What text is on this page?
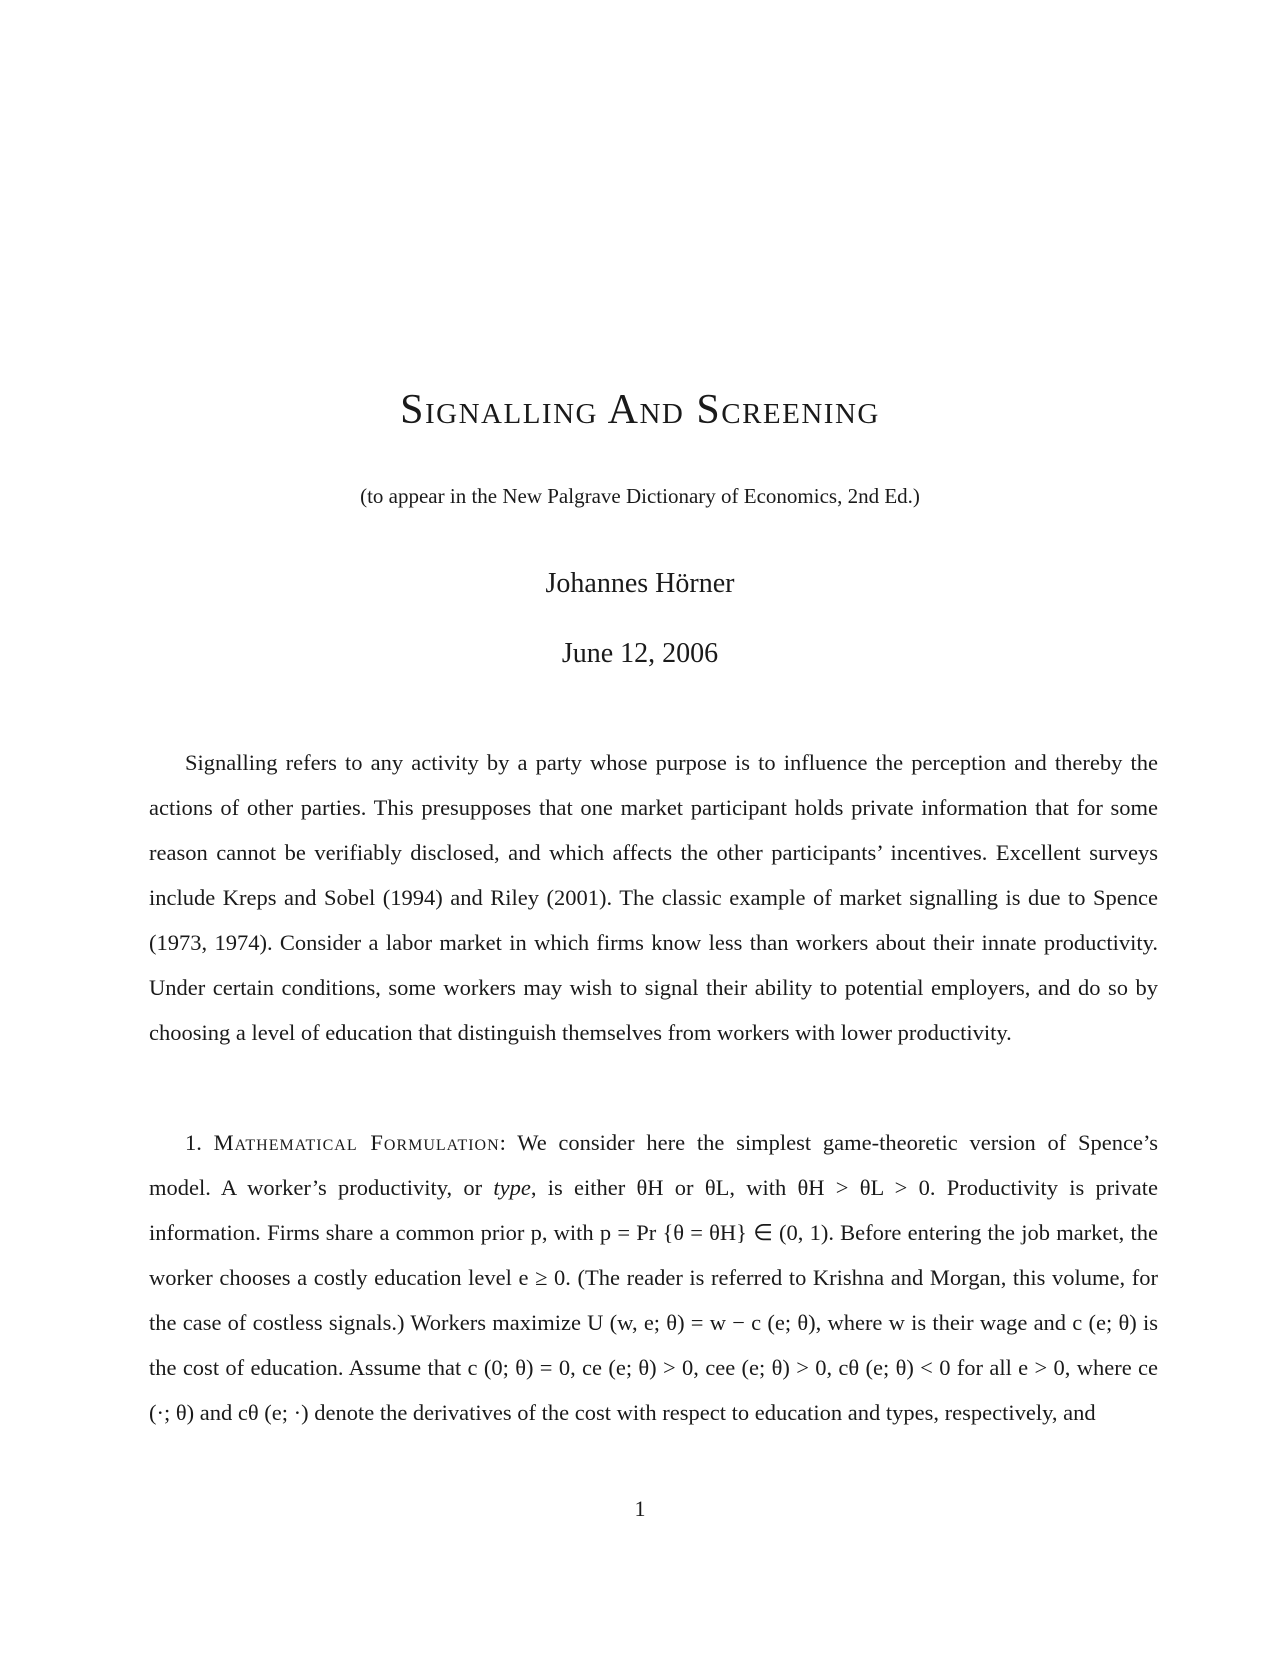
Signalling And Screening
(to appear in the New Palgrave Dictionary of Economics, 2nd Ed.)
Johannes Hörner
June 12, 2006
Signalling refers to any activity by a party whose purpose is to influence the perception and thereby the actions of other parties. This presupposes that one market participant holds private information that for some reason cannot be verifiably disclosed, and which affects the other participants’ incentives. Excellent surveys include Kreps and Sobel (1994) and Riley (2001). The classic example of market signalling is due to Spence (1973, 1974). Consider a labor market in which firms know less than workers about their innate productivity. Under certain conditions, some workers may wish to signal their ability to potential employers, and do so by choosing a level of education that distinguish themselves from workers with lower productivity.
1. Mathematical Formulation: We consider here the simplest game-theoretic version of Spence’s model. A worker’s productivity, or type, is either θH or θL, with θH > θL > 0. Productivity is private information. Firms share a common prior p, with p = Pr {θ = θH} ∈ (0, 1). Before entering the job market, the worker chooses a costly education level e ≥ 0. (The reader is referred to Krishna and Morgan, this volume, for the case of costless signals.) Workers maximize U (w, e; θ) = w − c (e; θ), where w is their wage and c (e; θ) is the cost of education. Assume that c (0; θ) = 0, ce (e; θ) > 0, cee (e; θ) > 0, cθ (e; θ) < 0 for all e > 0, where ce (·; θ) and cθ (e; ·) denote the derivatives of the cost with respect to education and types, respectively, and
1
